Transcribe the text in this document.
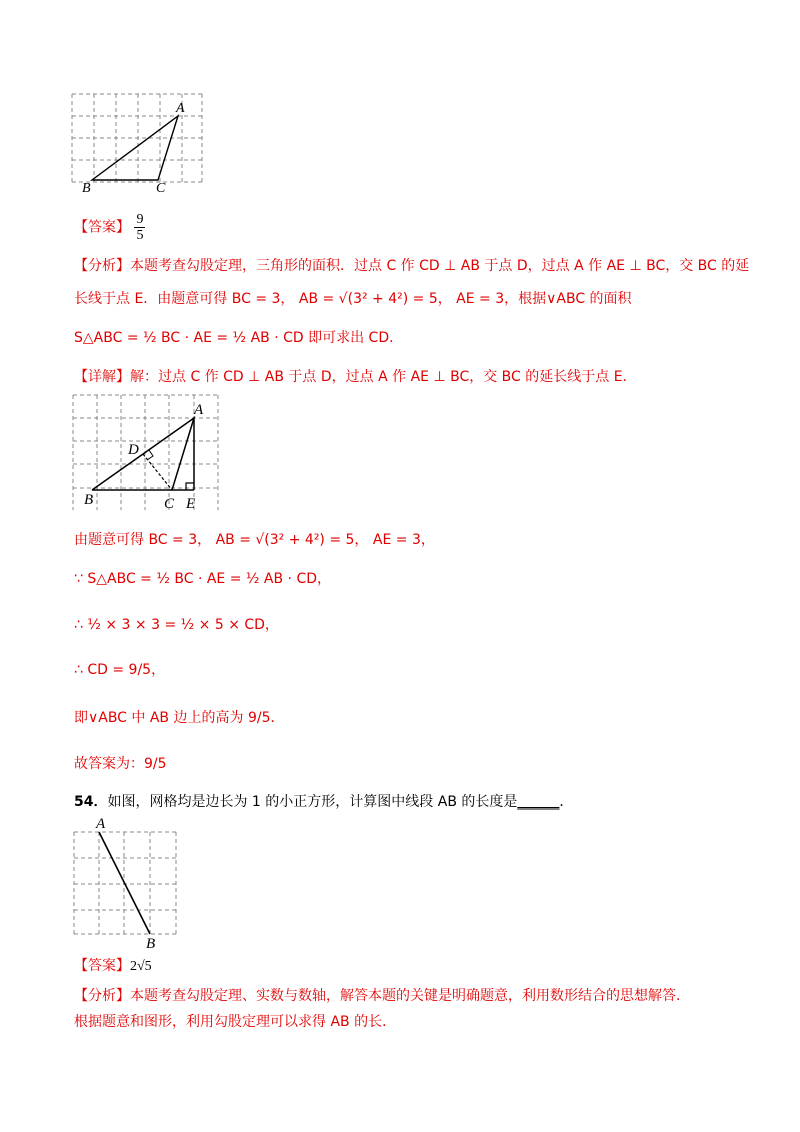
A
B	C
【答案】 $\frac{9}{5}$
【分析】本题考查勾股定理，三角形的面积．过点 C 作 CD ⊥ AB 于点 D，过点 A 作 AE ⊥ BC，交 BC 的延
长线于点 E．由题意可得 BC = 3， AB = √(3² + 4²) = 5， AE = 3，根据∨ABC 的面积
S△ABC = ½ BC · AE = ½ AB · CD 即可求出 CD．
【详解】解：过点 C 作 CD ⊥ AB 于点 D，过点 A 作 AE ⊥ BC，交 BC 的延长线于点 E．
A
B	C
D
E
由题意可得 BC = 3， AB = √(3² + 4²) = 5， AE = 3，
∵ S△ABC = ½ BC · AE = ½ AB · CD，
∴ ½ × 3 × 3 = ½ × 5 × CD，
∴ CD = 9/5，
即∨ABC 中 AB 边上的高为 9/5．
故答案为：9/5
54．如图，网格均是边长为 1 的小正方形，计算图中线段 AB 的长度是______．
A
B
【答案】2√5
【分析】本题考查勾股定理、实数与数轴，解答本题的关键是明确题意，利用数形结合的思想解答．
根据题意和图形，利用勾股定理可以求得 AB 的长．
